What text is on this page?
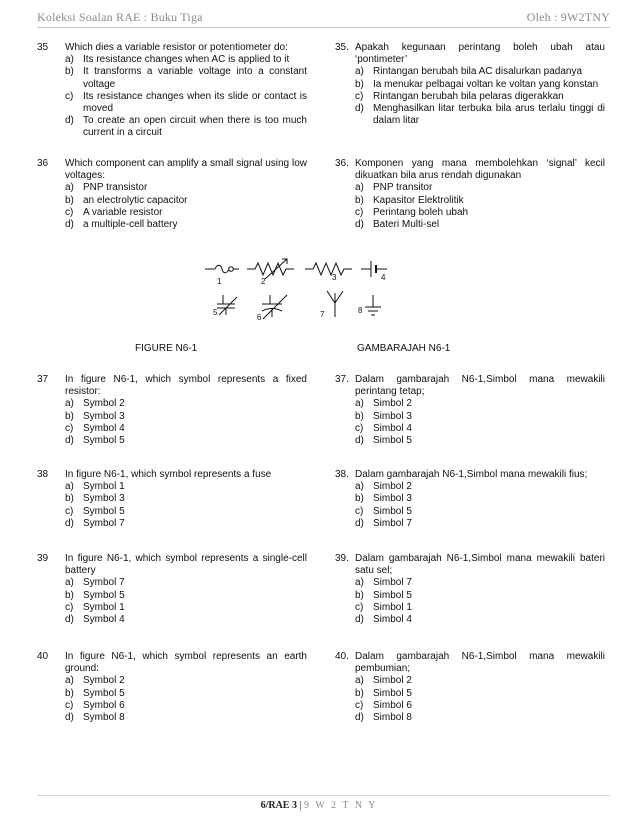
Koleksi Soalan RAE : Buku Tiga	Oleh : 9W2TNY
35 Which dies a variable resistor or potentiometer do:
a) Its resistance changes when AC is applied to it
b) It transforms a variable voltage into a constant voltage
c) Its resistance changes when its slide or contact is moved
d) To create an open circuit when there is too much current in a circuit
36 Which component can amplify a small signal using low voltages:
a) PNP transistor
b) an electrolytic capacitor
c) A variable resistor
d) a multiple-cell battery
37 In figure N6-1, which symbol represents a fixed resistor:
a) Symbol 2
b) Symbol 3
c) Symbol 4
d) Symbol 5
38 In figure N6-1, which symbol represents a fuse
a) Symbol 1
b) Symbol 3
c) Symbol 5
d) Symbol 7
39 In figure N6-1, which symbol represents a single-cell battery
a) Symbol 7
b) Symbol 5
c) Symbol 1
d) Symbol 4
40 In figure N6-1, which symbol represents an earth ground:
a) Symbol 2
b) Symbol 5
c) Symbol 6
d) Symbol 8
35. Apakah kegunaan perintang boleh ubah atau ‘pontimeter’
a) Rintangan berubah bila AC disalurkan padanya
b) Ia menukar pelbagai voltan ke voltan yang konstan
c) Rintangan berubah bila pelaras digerakkan
d) Menghasilkan litar terbuka bila arus terlalu tinggi di dalam litar
36. Komponen yang mana membolehkan ‘signal’ kecil dikuatkan bila arus rendah digunakan
a) PNP transitor
b) Kapasitor Elektrolitik
c) Perintang boleh ubah
d) Bateri Multi-sel
37. Dalam gambarajah N6-1,Simbol mana mewakili perintang tetap;
a) Simbol 2
b) Simbol 3
c) Simbol 4
d) Simbol 5
38. Dalam gambarajah N6-1,Simbol mana mewakili fius;
a) Simbol 2
b) Simbol 3
c) Simbol 5
d) Simbol 7
39. Dalam gambarajah N6-1,Simbol mana mewakili bateri satu sel;
a) Simbol 7
b) Simbol 5
c) Simbol 1
d) Simbol 4
40. Dalam gambarajah N6-1,Simbol mana mewakili pembumian;
a) Simbol 2
b) Simbol 5
c) Simbol 6
d) Simbol 8
1	2	3	4
5
6	7	8
FIGURE N6-1	GAMBARAJAH N6-1
6/RAE 3 | 9 W 2 T N Y
